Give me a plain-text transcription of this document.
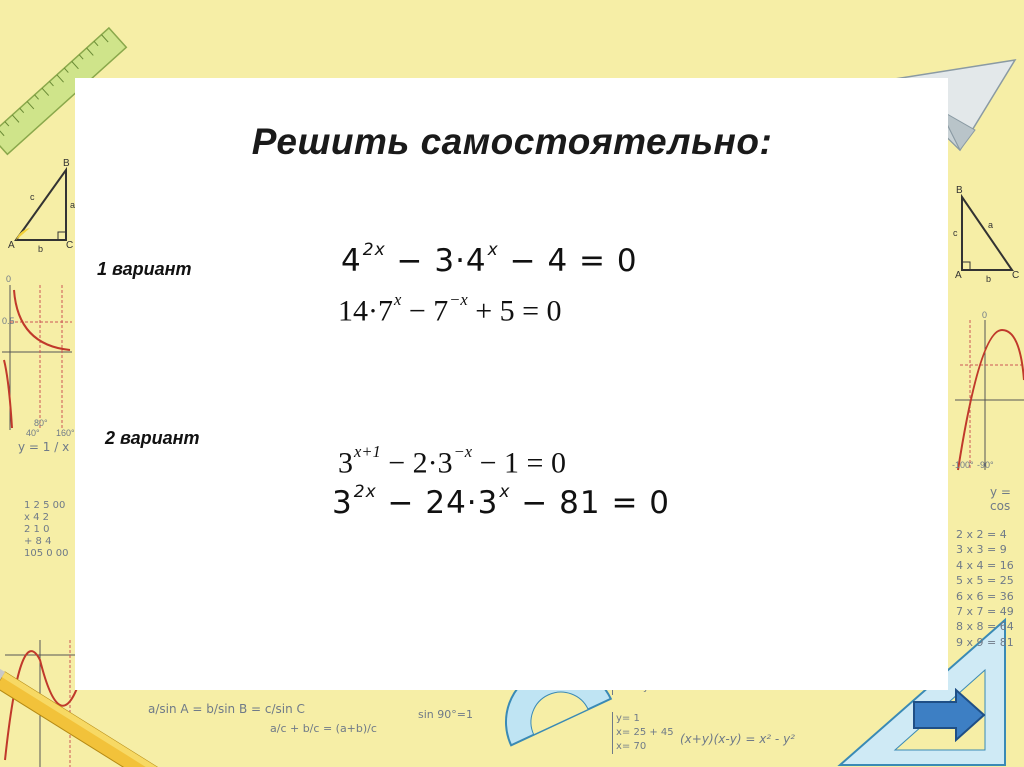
A
B
C
a
b
c
B
A	C
c
a
b
0
0.5
80°
160°
40°
0
-100° -90°
y = 1 / x
y = cos
1 2 5 00
x 4 2
2 1 0
+ 8 4
105 0 00
2 x 2 = 4
3 x 3 = 9
4 x 4 = 16
5 x 5 = 25
6 x 6 = 36
7 x 7 = 49
8 x 8 = 64
9 x 9 = 81
a/sin A = b/sin B = c/sin C
a/c + b/c = (a+b)/c
sin 90°=1	y= 1
x= 25 + 45
x= 70
(x+y)(x-y) = x² - y²
Решить самостоятельно:
1 вариант	$4^{2x} - 3\cdot 4^x - 4 = 0$
$14\cdot 7^x - 7^{-x} + 5 = 0$
2 вариант
$3^{x+1} - 2\cdot 3^{-x} - 1 = 0$
$3^{2x} - 24\cdot 3^x - 81 = 0$
